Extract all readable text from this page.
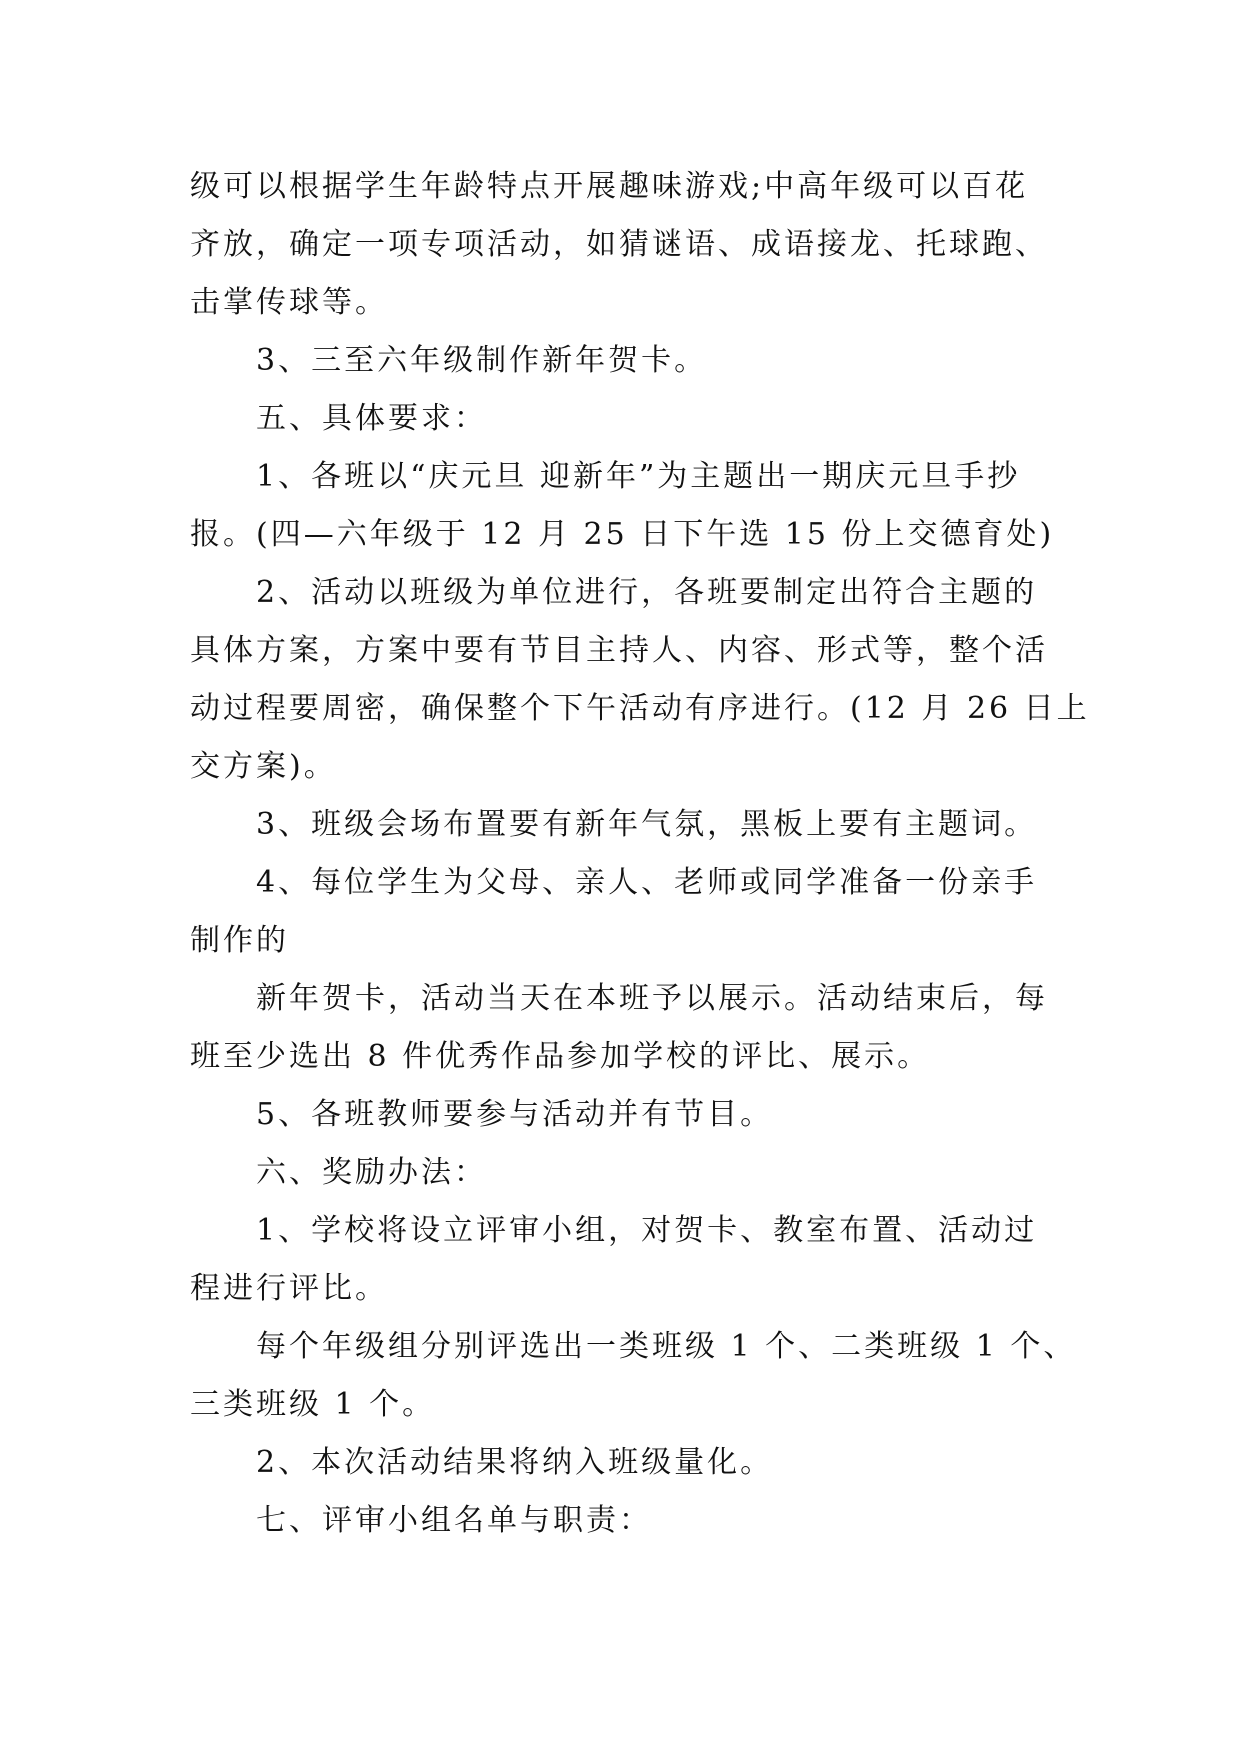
级可以根据学生年龄特点开展趣味游戏;中高年级可以百花
齐放，确定一项专项活动，如猜谜语、成语接龙、托球跑、
击掌传球等。
3、三至六年级制作新年贺卡。
五、具体要求：
1、各班以“庆元旦 迎新年”为主题出一期庆元旦手抄
报。(四—六年级于 12 月 25 日下午选 15 份上交德育处)
2、活动以班级为单位进行，各班要制定出符合主题的
具体方案，方案中要有节目主持人、内容、形式等，整个活
动过程要周密，确保整个下午活动有序进行。(12 月 26 日上
交方案)。
3、班级会场布置要有新年气氛，黑板上要有主题词。
4、每位学生为父母、亲人、老师或同学准备一份亲手
制作的
新年贺卡，活动当天在本班予以展示。活动结束后，每
班至少选出 8 件优秀作品参加学校的评比、展示。
5、各班教师要参与活动并有节目。
六、奖励办法：
1、学校将设立评审小组，对贺卡、教室布置、活动过
程进行评比。
每个年级组分别评选出一类班级 1 个、二类班级 1 个、
三类班级 1 个。
2、本次活动结果将纳入班级量化。
七、评审小组名单与职责：
